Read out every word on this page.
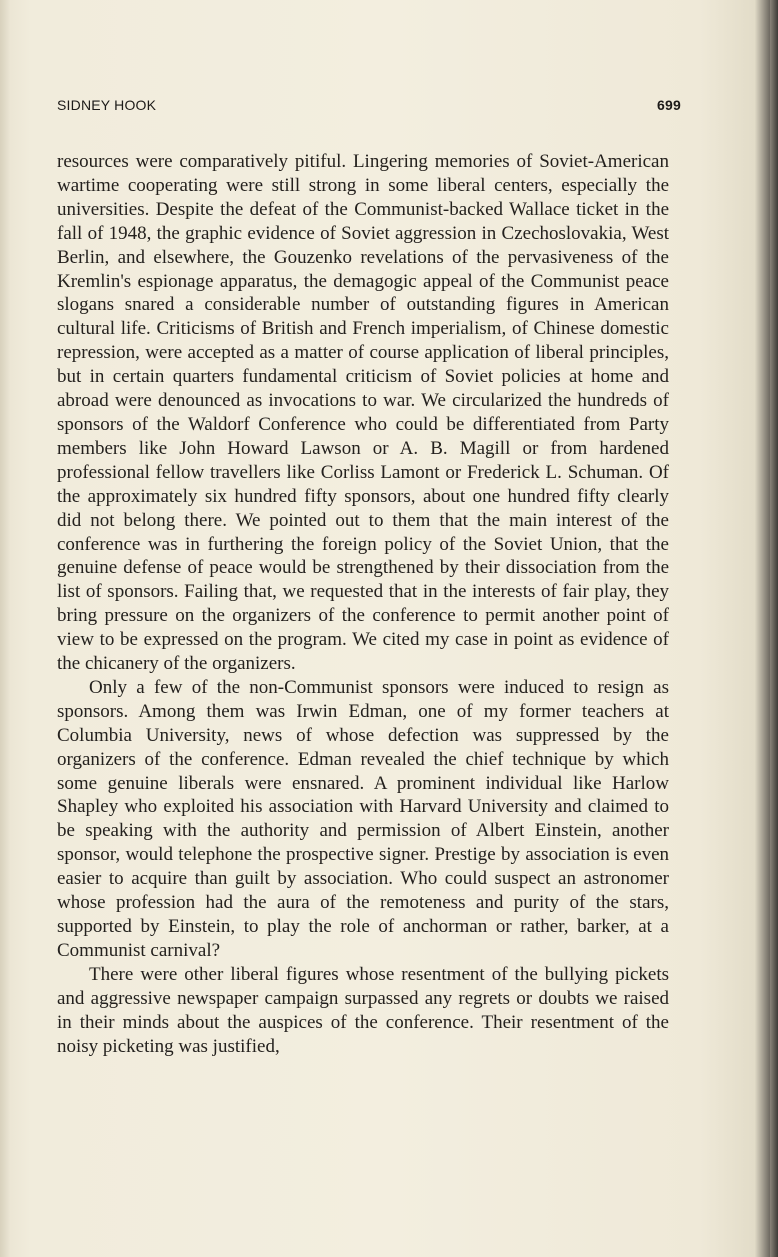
SIDNEY HOOK	699

resources were comparatively pitiful. Lingering memories of Soviet-American wartime cooperating were still strong in some liberal centers, especially the universities. Despite the defeat of the Communist-backed Wallace ticket in the fall of 1948, the graphic evidence of Soviet aggression in Czechoslovakia, West Berlin, and elsewhere, the Gouzenko revelations of the pervasiveness of the Kremlin's espionage apparatus, the demagogic appeal of the Communist peace slogans snared a considerable number of outstanding figures in American cultural life. Criticisms of British and French imperialism, of Chinese domestic repression, were accepted as a matter of course application of liberal principles, but in certain quarters fundamental criticism of Soviet policies at home and abroad were denounced as invocations to war. We circularized the hundreds of sponsors of the Waldorf Conference who could be differentiated from Party members like John Howard Lawson or A. B. Magill or from hardened professional fellow travellers like Corliss Lamont or Frederick L. Schuman. Of the approximately six hundred fifty sponsors, about one hundred fifty clearly did not belong there. We pointed out to them that the main interest of the conference was in furthering the foreign policy of the Soviet Union, that the genuine defense of peace would be strengthened by their dissociation from the list of sponsors. Failing that, we requested that in the interests of fair play, they bring pressure on the organizers of the conference to permit another point of view to be expressed on the program. We cited my case in point as evidence of the chicanery of the organizers.

Only a few of the non-Communist sponsors were induced to resign as sponsors. Among them was Irwin Edman, one of my former teachers at Columbia University, news of whose defection was suppressed by the organizers of the conference. Edman revealed the chief technique by which some genuine liberals were ensnared. A prominent individual like Harlow Shapley who exploited his association with Harvard University and claimed to be speaking with the authority and permission of Albert Einstein, another sponsor, would telephone the prospective signer. Prestige by association is even easier to acquire than guilt by association. Who could suspect an astronomer whose profession had the aura of the remoteness and purity of the stars, supported by Einstein, to play the role of anchorman or rather, barker, at a Communist carnival?

There were other liberal figures whose resentment of the bullying pickets and aggressive newspaper campaign surpassed any regrets or doubts we raised in their minds about the auspices of the conference. Their resentment of the noisy picketing was justified,
